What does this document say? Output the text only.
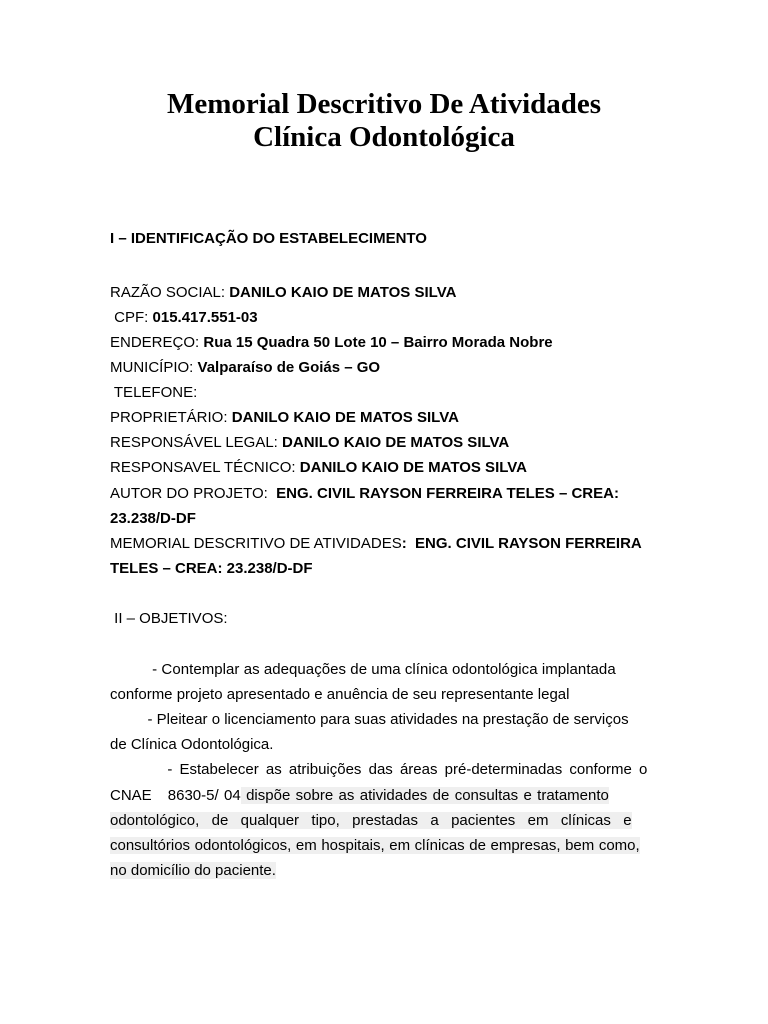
Memorial Descritivo De Atividades
Clínica Odontológica
I – IDENTIFICAÇÃO DO ESTABELECIMENTO
RAZÃO SOCIAL: DANILO KAIO DE MATOS SILVA
CPF: 015.417.551-03
ENDEREÇO: Rua 15 Quadra 50 Lote 10 – Bairro Morada Nobre
MUNICÍPIO: Valparaíso de Goiás – GO
TELEFONE:
PROPRIETÁRIO: DANILO KAIO DE MATOS SILVA
RESPONSÁVEL LEGAL: DANILO KAIO DE MATOS SILVA
RESPONSAVEL TÉCNICO: DANILO KAIO DE MATOS SILVA
AUTOR DO PROJETO:  ENG. CIVIL RAYSON FERREIRA TELES – CREA:
23.238/D-DF
MEMORIAL DESCRITIVO DE ATIVIDADES:  ENG. CIVIL RAYSON FERREIRA
TELES – CREA: 23.238/D-DF
II – OBJETIVOS:
- Contemplar as adequações de uma clínica odontológica implantada
conforme projeto apresentado e anuência de seu representante legal
- Pleitear o licenciamento para suas atividades na prestação de serviços
de Clínica Odontológica.
- Estabelecer as atribuições das áreas pré-determinadas conforme o
CNAE   8630-5/ 04 dispõe sobre as atividades de consultas e tratamento
odontológico, de qualquer tipo, prestadas a pacientes em clínicas e
consultórios odontológicos, em hospitais, em clínicas de empresas, bem como,
no domicílio do paciente.
